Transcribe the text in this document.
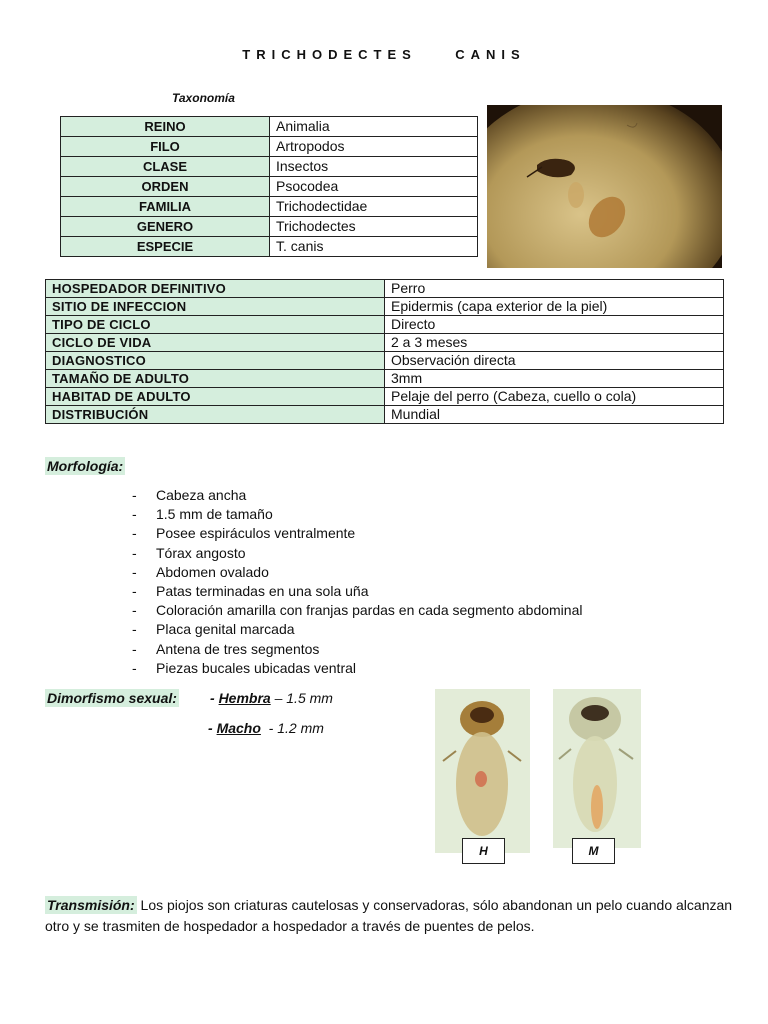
TRICHODECTES    CANIS
Taxonomía
REINO	Animalia
FILO	Artropodos
CLASE	Insectos
ORDEN	Psocodea
FAMILIA	Trichodectidae
GENERO	Trichodectes
ESPECIE	T. canis
HOSPEDADOR DEFINITIVO	Perro
SITIO DE INFECCION	Epidermis (capa exterior de la piel)
TIPO DE CICLO	Directo
CICLO DE VIDA	2 a 3 meses
DIAGNOSTICO	Observación directa
TAMAÑO DE ADULTO	3mm
HABITAD DE ADULTO	Pelaje del perro (Cabeza, cuello o cola)
DISTRIBUCIÓN	Mundial
Morfología:
- Cabeza ancha
- 1.5 mm de tamaño
- Posee espiráculos ventralmente
- Tórax angosto
- Abdomen ovalado
- Patas terminadas en una sola uña
- Coloración amarilla con franjas pardas en cada segmento abdominal
- Placa genital marcada
- Antena de tres segmentos
- Piezas bucales ubicadas ventral
Dimorfismo sexual: - Hembra – 1.5 mm
- Macho  - 1.2 mm
H	M
Transmisión: Los piojos son criaturas cautelosas y conservadoras, sólo abandonan un pelo cuando alcanzan otro y se trasmiten de hospedador a hospedador a través de puentes de pelos.
